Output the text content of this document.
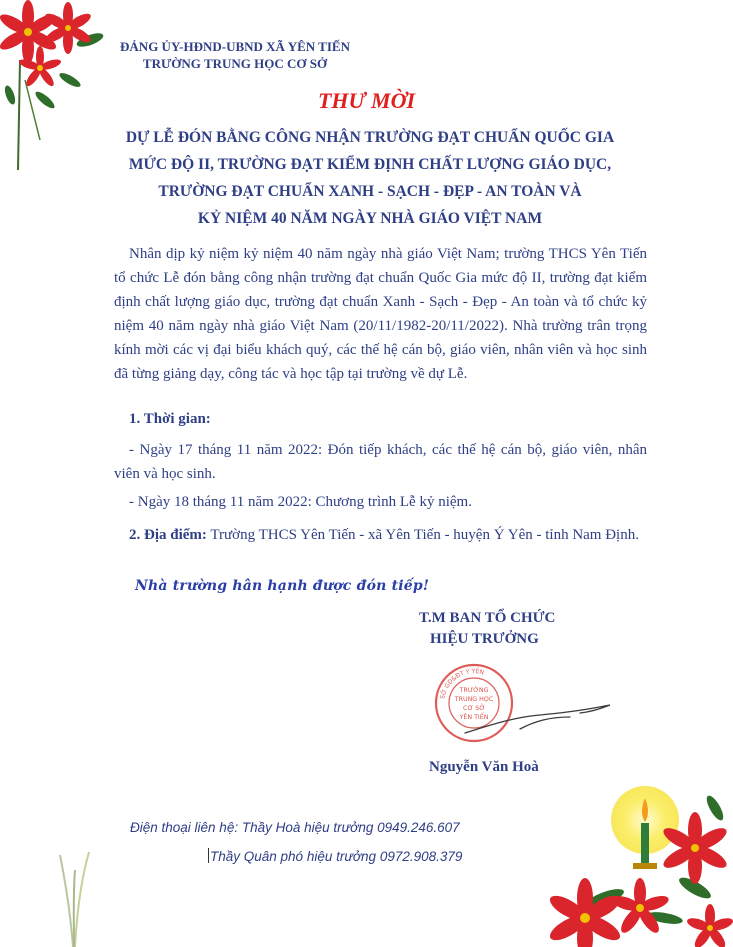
ĐẢNG ỦY-HĐND-UBND XÃ YÊN TIẾN
TRƯỜNG TRUNG HỌC CƠ SỞ
THƯ MỜI
DỰ LỄ ĐÓN BẰNG CÔNG NHẬN TRƯỜNG ĐẠT CHUẨN QUỐC GIA
MỨC ĐỘ II, TRƯỜNG ĐẠT KIỂM ĐỊNH CHẤT LƯỢNG GIÁO DỤC,
TRƯỜNG ĐẠT CHUẨN XANH - SẠCH - ĐẸP - AN TOÀN VÀ
KỶ NIỆM 40 NĂM NGÀY NHÀ GIÁO VIỆT NAM
Nhân dịp kỷ niệm kỷ niệm 40 năm ngày nhà giáo Việt Nam; trường THCS Yên Tiến tổ chức Lễ đón bằng công nhận trường đạt chuẩn Quốc Gia mức độ II, trường đạt kiểm định chất lượng giáo dục, trường đạt chuẩn Xanh - Sạch - Đẹp - An toàn và tổ chức kỷ niệm 40 năm ngày nhà giáo Việt Nam (20/11/1982-20/11/2022). Nhà trường trân trọng kính mời các vị đại biểu khách quý, các thế hệ cán bộ, giáo viên, nhân viên và học sinh đã từng giảng dạy, công tác và học tập tại trường về dự Lễ.
1. Thời gian:
- Ngày 17 tháng 11 năm 2022: Đón tiếp khách, các thế hệ cán bộ, giáo viên, nhân viên và học sinh.
- Ngày 18 tháng 11 năm 2022: Chương trình Lễ kỷ niệm.
2. Địa điểm: Trường THCS Yên Tiến - xã Yên Tiến - huyện Ý Yên - tỉnh Nam Định.
Nhà trường hân hạnh được đón tiếp!
T.M BAN TỔ CHỨC
HIỆU TRƯỞNG
SỞ GD&ĐT Ý YÊN
TRƯỜNG
TRUNG HỌC
CƠ SỞ
YÊN TIẾN
Nguyễn Văn Hoà
Điện thoại liên hệ: Thầy Hoà hiệu trưởng 0949.246.607
Thầy Quân phó hiệu trưởng 0972.908.379
